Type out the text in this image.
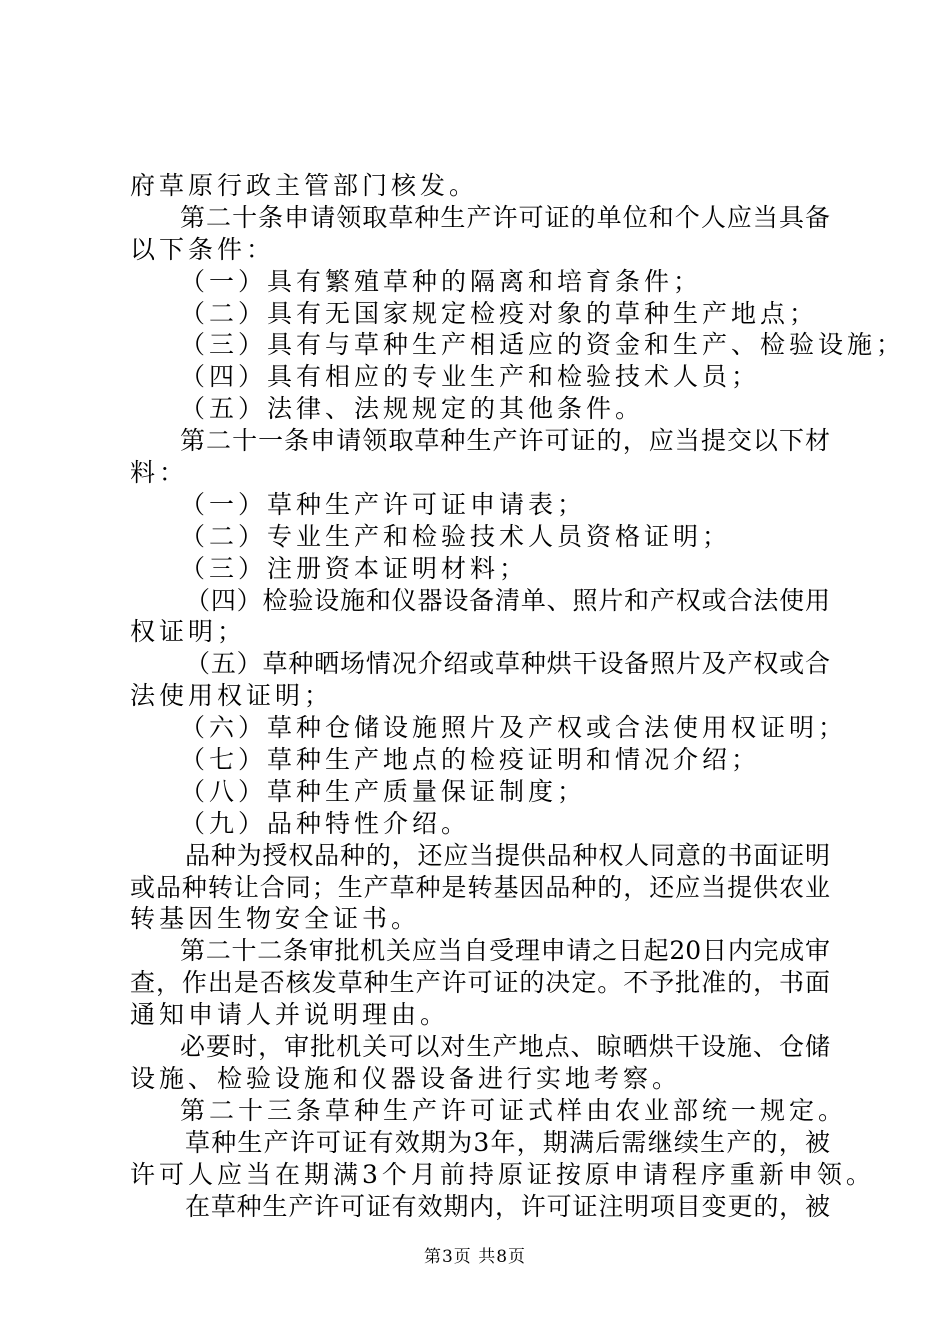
府草原行政主管部门核发。
第二十条申请领取草种生产许可证的单位和个人应当具备
以下条件：
（一）具有繁殖草种的隔离和培育条件；
（二）具有无国家规定检疫对象的草种生产地点；
（三）具有与草种生产相适应的资金和生产、检验设施；
（四）具有相应的专业生产和检验技术人员；
（五）法律、法规规定的其他条件。
第二十一条申请领取草种生产许可证的，应当提交以下材
料：
（一）草种生产许可证申请表；
（二）专业生产和检验技术人员资格证明；
（三）注册资本证明材料；
（四）检验设施和仪器设备清单、照片和产权或合法使用
权证明；
（五）草种晒场情况介绍或草种烘干设备照片及产权或合
法使用权证明；
（六）草种仓储设施照片及产权或合法使用权证明；
（七）草种生产地点的检疫证明和情况介绍；
（八）草种生产质量保证制度；
（九）品种特性介绍。
品种为授权品种的，还应当提供品种权人同意的书面证明
或品种转让合同；生产草种是转基因品种的，还应当提供农业
转基因生物安全证书。
第二十二条审批机关应当自受理申请之日起20日内完成审
查，作出是否核发草种生产许可证的决定。不予批准的，书面
通知申请人并说明理由。
必要时，审批机关可以对生产地点、晾晒烘干设施、仓储
设施、检验设施和仪器设备进行实地考察。
第二十三条草种生产许可证式样由农业部统一规定。
草种生产许可证有效期为3年，期满后需继续生产的，被
许可人应当在期满3个月前持原证按原申请程序重新申领。
在草种生产许可证有效期内，许可证注明项目变更的，被
第3页 共8页
